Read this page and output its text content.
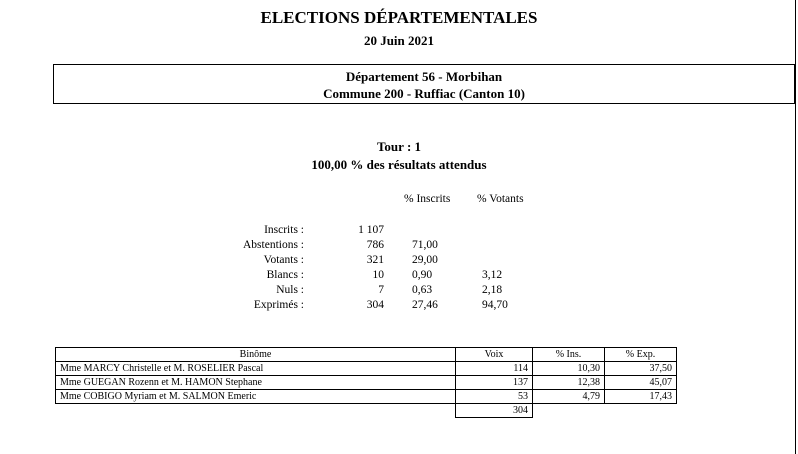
ELECTIONS DÉPARTEMENTALES
20 Juin 2021
Département 56 - Morbihan
Commune 200 - Ruffiac (Canton 10)
Tour : 1
100,00 % des résultats attendus
% Inscrits % Votants
Inscrits :	1 107
Abstentions :	786 71,00
Votants :	321 29,00
Blancs :	10 0,90	3,12
Nuls :	7 0,63	2,18
Exprimés :	304 27,46	94,70
Binôme	Voix	% Ins.	% Exp.
Mme MARCY Christelle et M. ROSELIER Pascal	114	10,30	37,50
Mme GUEGAN Rozenn et M. HAMON Stephane	137	12,38	45,07
Mme COBIGO Myriam et M. SALMON Emeric	53	4,79	17,43
	304		
